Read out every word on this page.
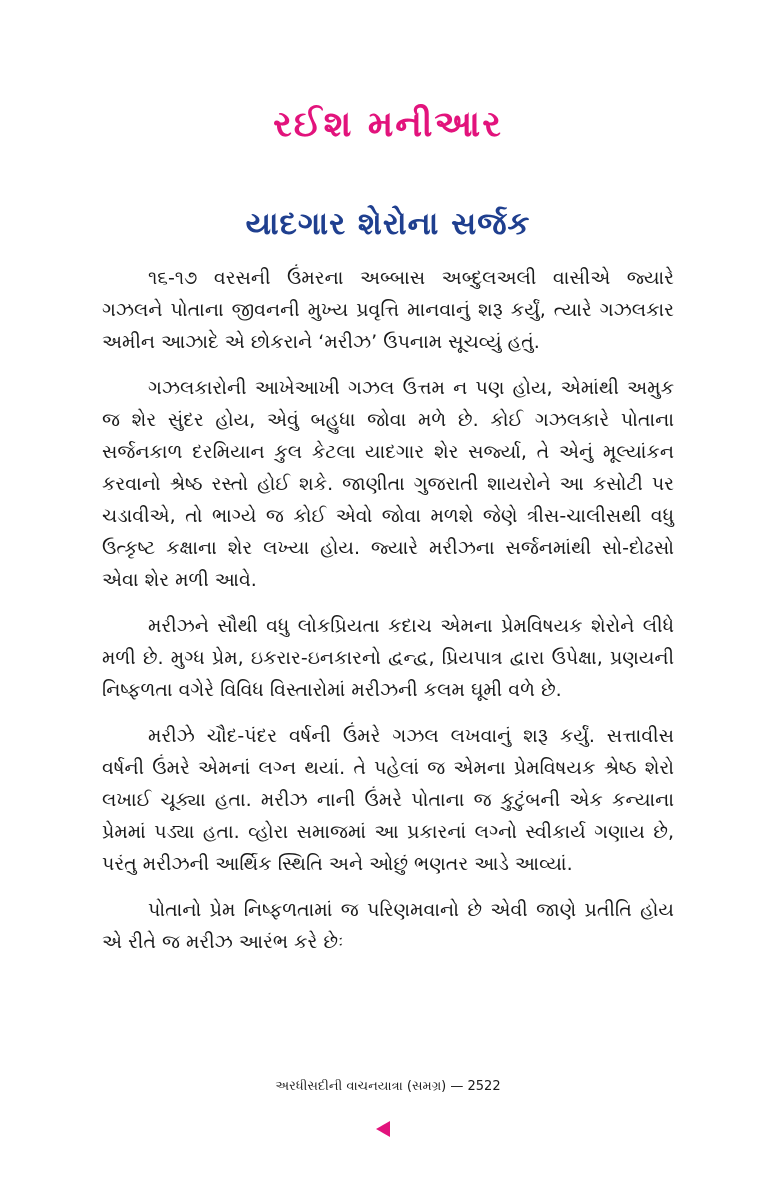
રઈશ મનીઆર
યાદગાર શેરોના સર્જક

૧૬-૧૭ વરસની ઉંમરના અબ્બાસ અબ્દુલઅલી વાસીએ જ્યારે ગઝલને પોતાના જીવનની મુખ્ય પ્રવૃત્તિ માનવાનું શરૂ કર્યું, ત્યારે ગઝલકાર અમીન આઝાદે એ છોકરાને ‘મરીઝ’ ઉપનામ સૂચવ્યું હતું.

ગઝલકારોની આખેઆખી ગઝલ ઉત્તમ ન પણ હોય, એમાંથી અમુક જ શેર સુંદર હોય, એવું બહુધા જોવા મળે છે. કોઈ ગઝલકારે પોતાના સર્જનકાળ દરમિયાન કુલ કેટલા યાદગાર શેર સર્જ્યા, તે એનું મૂલ્યાંકન કરવાનો શ્રેષ્ઠ રસ્તો હોઈ શકે. જાણીતા ગુજરાતી શાયરોને આ કસોટી પર ચડાવીએ, તો ભાગ્યે જ કોઈ એવો જોવા મળશે જેણે ત્રીસ-ચાલીસથી વધુ ઉત્કૃષ્ટ કક્ષાના શેર લખ્યા હોય. જ્યારે મરીઝના સર્જનમાંથી સો-દોઢસો એવા શેર મળી આવે.

મરીઝને સૌથી વધુ લોકપ્રિયતા કદાચ એમના પ્રેમવિષયક શેરોને લીધે મળી છે. મુગ્ધ પ્રેમ, ઇકરાર-ઇનકારનો દ્વન્દ્વ, પ્રિયપાત્ર દ્વારા ઉપેક્ષા, પ્રણયની નિષ્ફળતા વગેરે વિવિધ વિસ્તારોમાં મરીઝની કલમ ઘૂમી વળે છે.

મરીઝે ચૌદ-પંદર વર્ષની ઉંમરે ગઝલ લખવાનું શરૂ કર્યું. સત્તાવીસ વર્ષની ઉંમરે એમનાં લગ્ન થયાં. તે પહેલાં જ એમના પ્રેમવિષયક શ્રેષ્ઠ શેરો લખાઈ ચૂક્યા હતા. મરીઝ નાની ઉંમરે પોતાના જ કુટુંબની એક કન્યાના પ્રેમમાં પડ્યા હતા. વ્હોરા સમાજમાં આ પ્રકારનાં લગ્નો સ્વીકાર્ય ગણાય છે, પરંતુ મરીઝની આર્થિક સ્થિતિ અને ઓછું ભણતર આડે આવ્યાં.

પોતાનો પ્રેમ નિષ્ફળતામાં જ પરિણમવાનો છે એવી જાણે પ્રતીતિ હોય એ રીતે જ મરીઝ આરંભ કરે છેઃ

અરધીસદીની વાચનયાત્રા (સમગ્ર) — 2522
